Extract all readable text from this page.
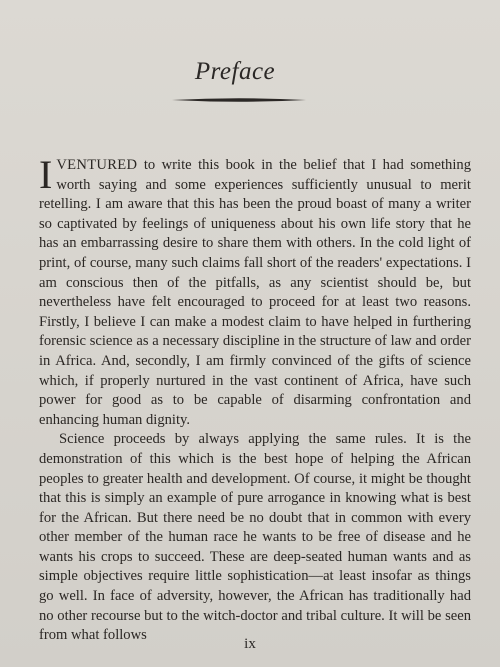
Preface

IVENTURED to write this book in the belief that I had something worth saying and some experiences sufficiently unusual to merit retelling. I am aware that this has been the proud boast of many a writer so captivated by feelings of uniqueness about his own life story that he has an embarrassing desire to share them with others. In the cold light of print, of course, many such claims fall short of the readers' expectations. I am conscious then of the pitfalls, as any scientist should be, but nevertheless have felt encouraged to proceed for at least two reasons. Firstly, I believe I can make a modest claim to have helped in furthering forensic science as a necessary discipline in the structure of law and order in Africa. And, secondly, I am firmly convinced of the gifts of science which, if properly nurtured in the vast continent of Africa, have such power for good as to be capable of disarming confrontation and enhancing human dignity.

Science proceeds by always applying the same rules. It is the demonstration of this which is the best hope of helping the African peoples to greater health and development. Of course, it might be thought that this is simply an example of pure arrogance in knowing what is best for the African. But there need be no doubt that in common with every other member of the human race he wants to be free of disease and he wants his crops to succeed. These are deep-seated human wants and as simple objectives require little sophistication—at least insofar as things go well. In face of adversity, however, the African has traditionally had no other recourse but to the witch-doctor and tribal culture. It will be seen from what follows

ix
